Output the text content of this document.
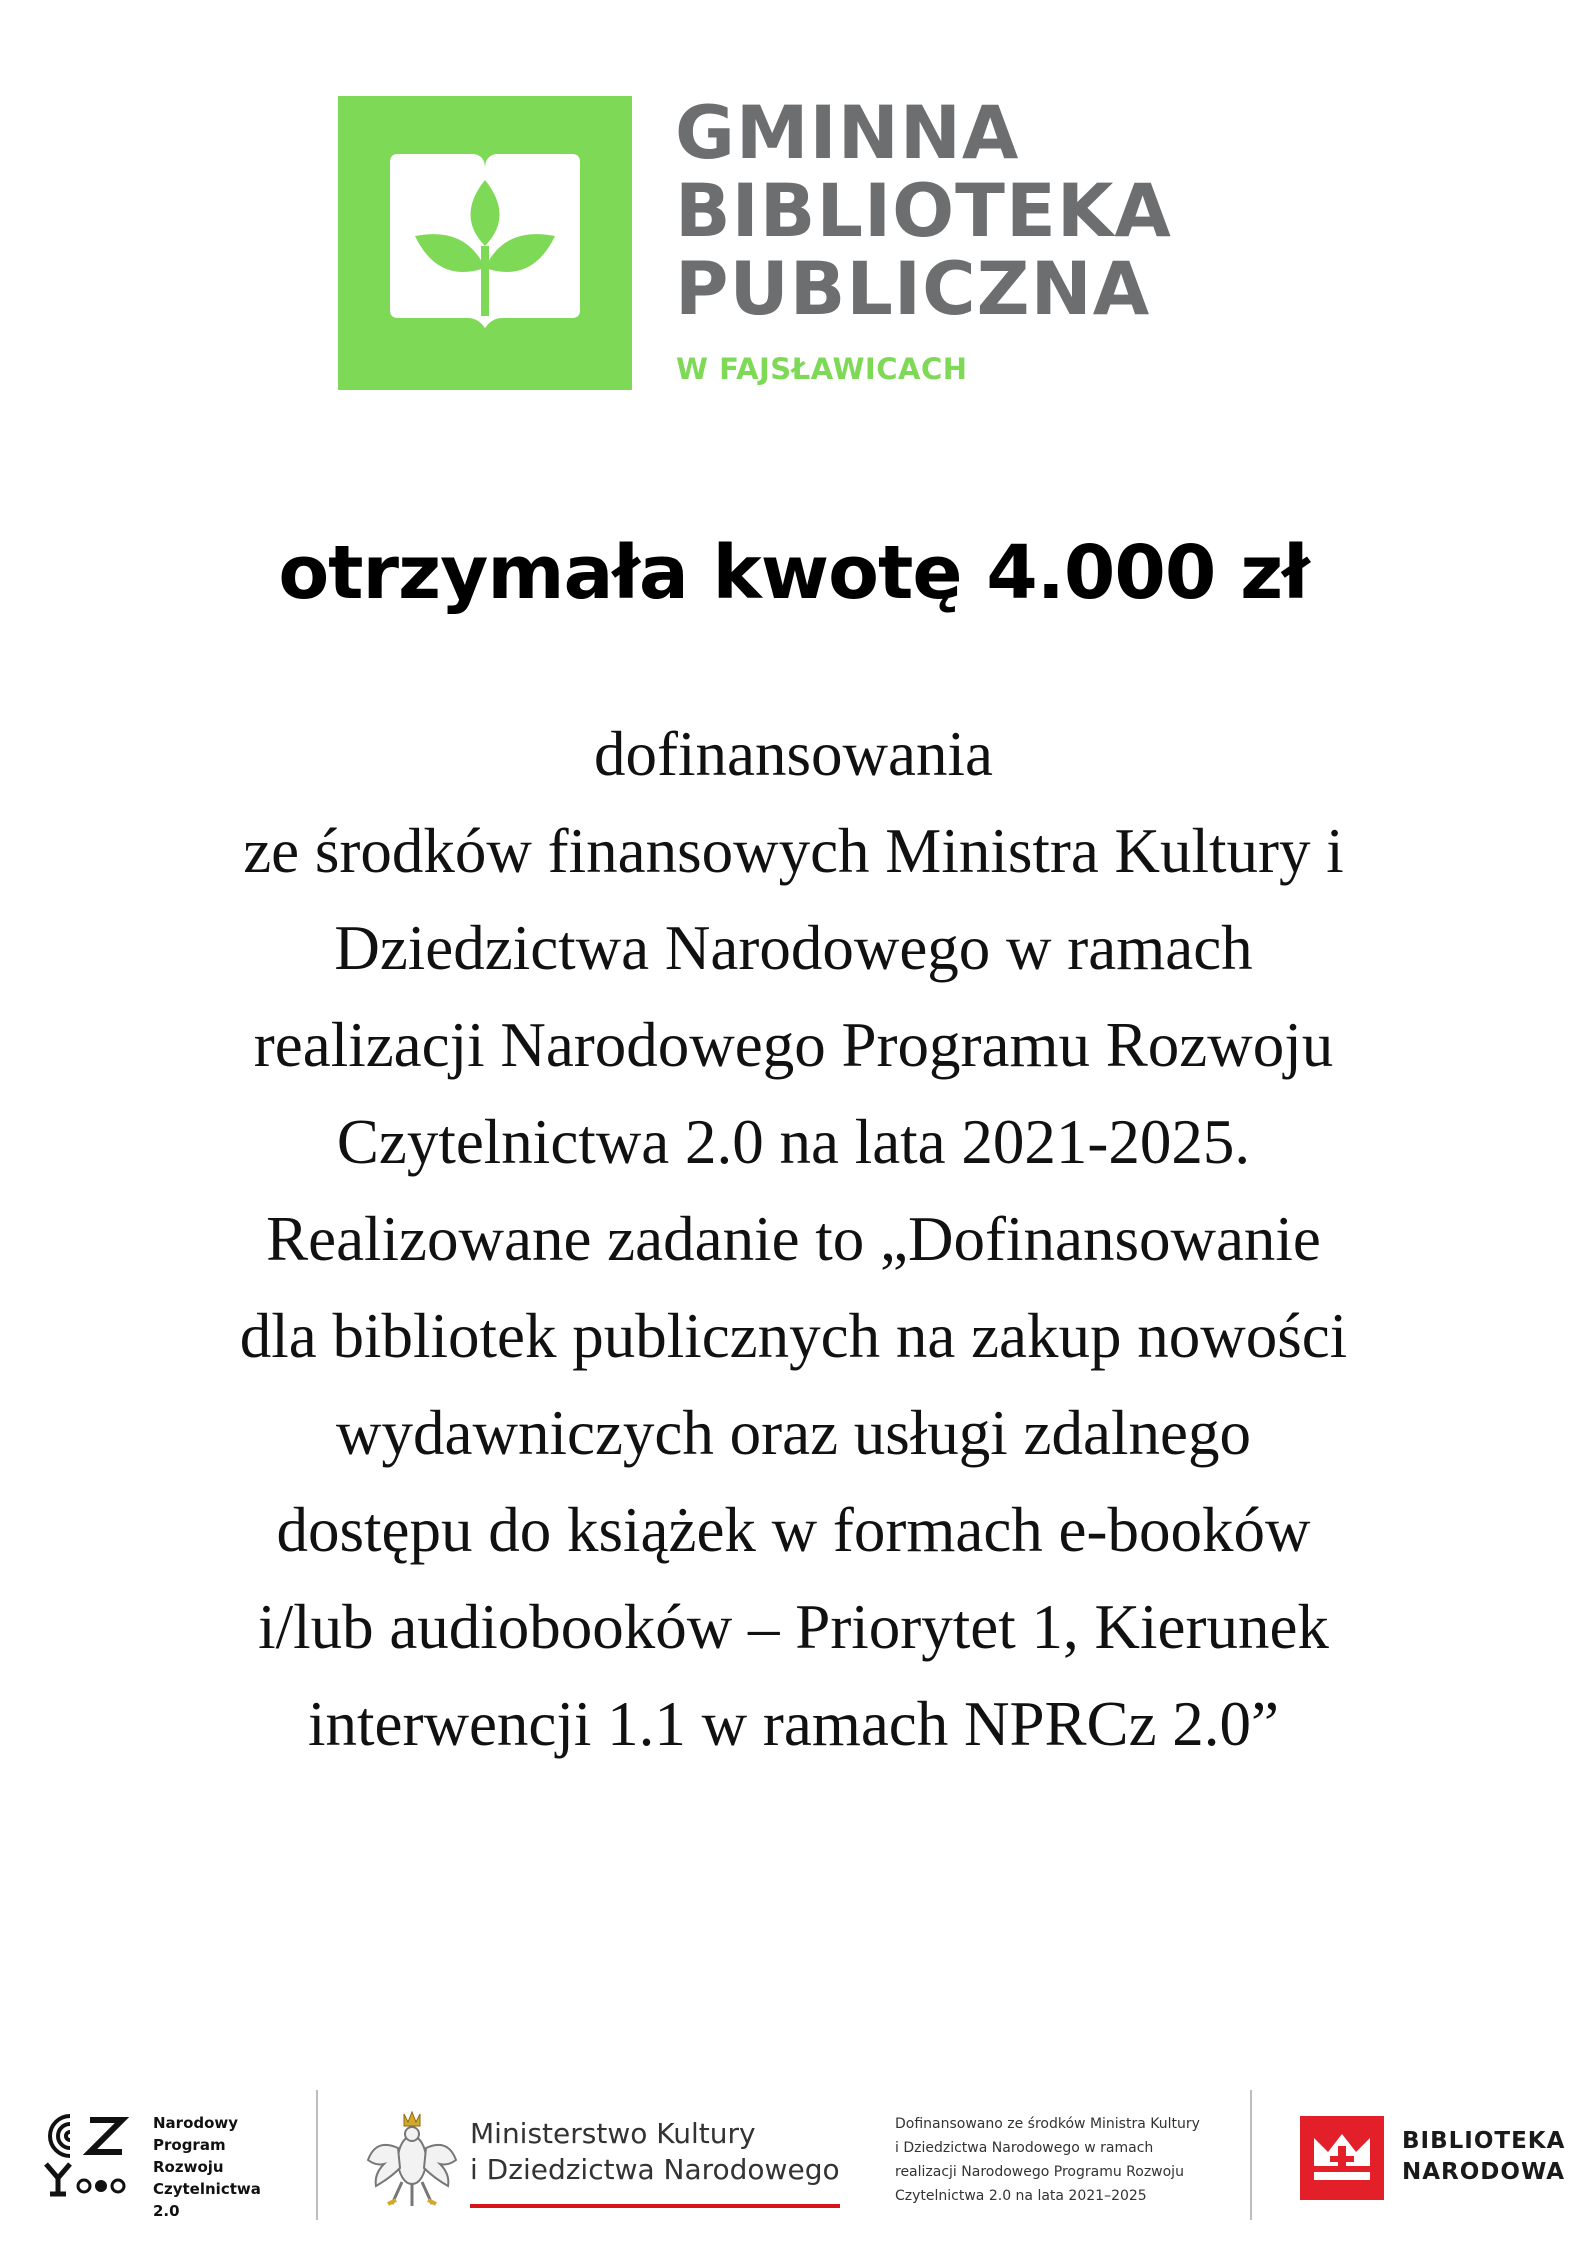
GMINNA
BIBLIOTEKA
PUBLICZNA
W FAJSŁAWICACH
otrzymała kwotę 4.000 zł
dofinansowania
ze środków finansowych Ministra Kultury i
Dziedzictwa Narodowego w ramach
realizacji Narodowego Programu Rozwoju
Czytelnictwa 2.0 na lata 2021-2025.
Realizowane zadanie to „Dofinansowanie
dla bibliotek publicznych na zakup nowości
wydawniczych oraz usługi zdalnego
dostępu do książek w formach e-booków
i/lub audiobooków – Priorytet 1, Kierunek
interwencji 1.1 w ramach NPRCz 2.0”
Narodowy
Program
Rozwoju
Czytelnictwa
2.0
Ministerstwo Kultury
i Dziedzictwa Narodowego
Dofinansowano ze środków Ministra Kultury
i Dziedzictwa Narodowego w ramach
realizacji Narodowego Programu Rozwoju
Czytelnictwa 2.0 na lata 2021–2025
BIBLIOTEKA
NARODOWA
